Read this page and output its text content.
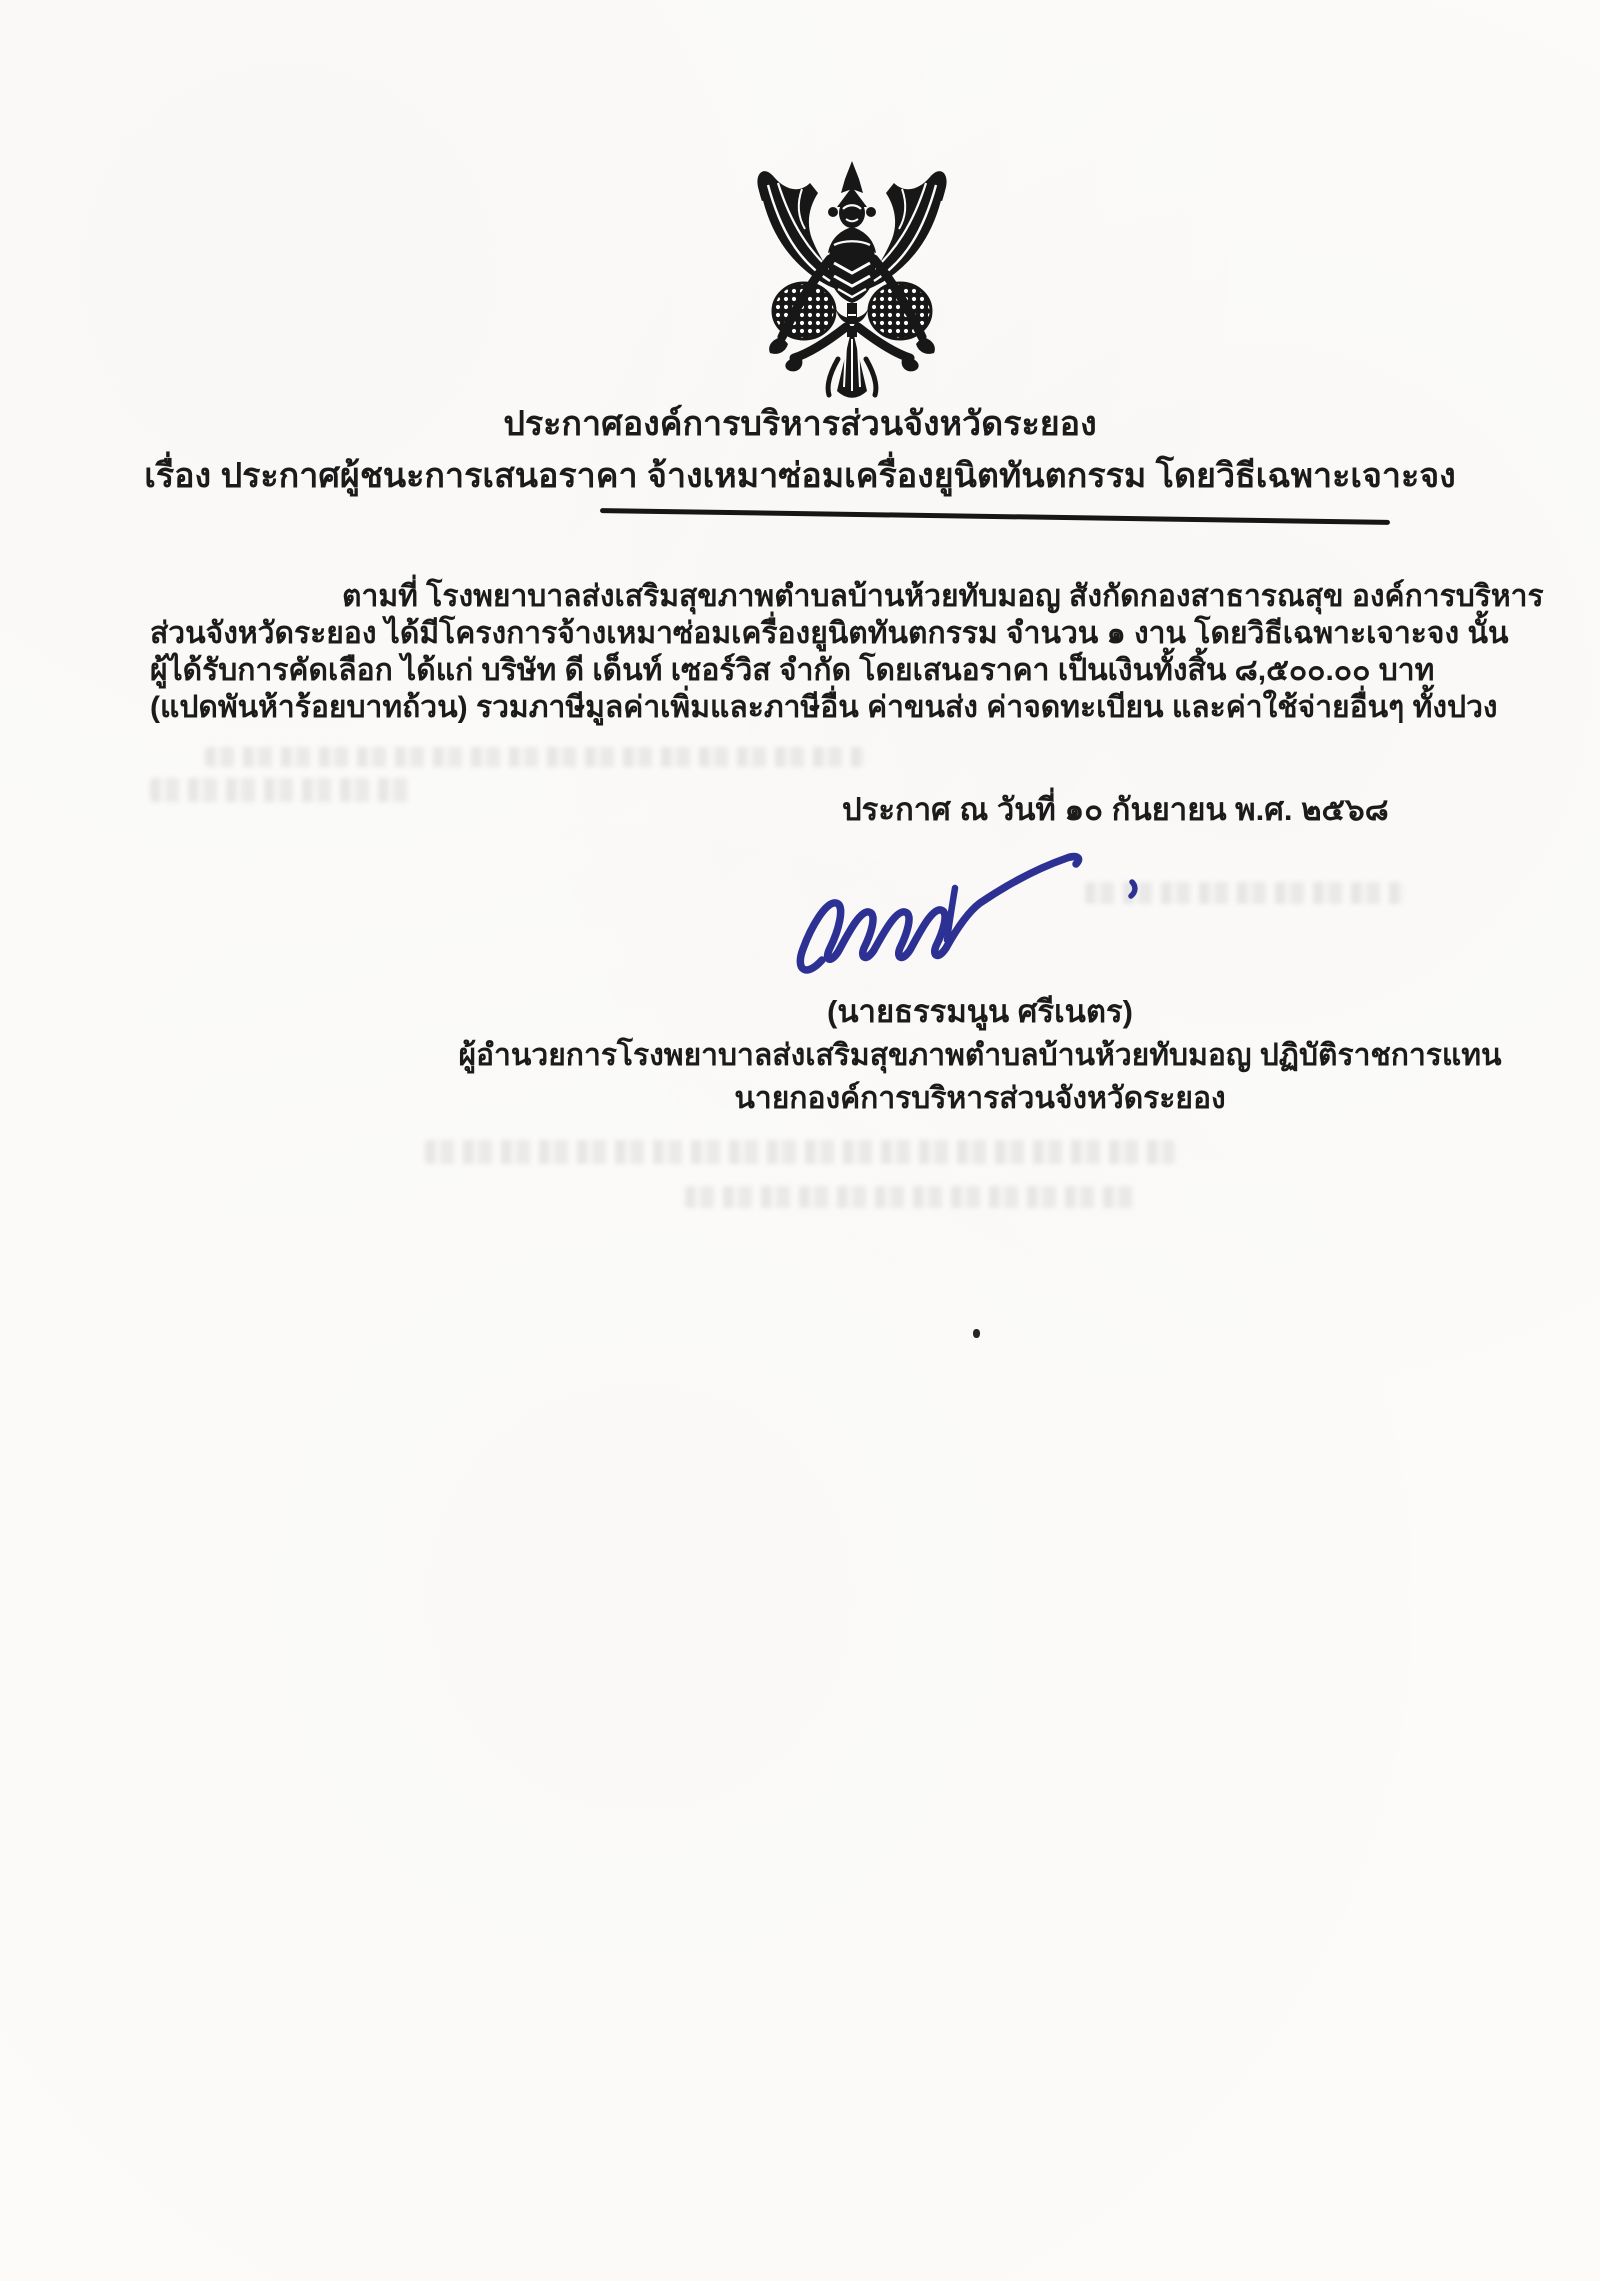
ประกาศองค์การบริหารส่วนจังหวัดระยอง
เรื่อง ประกาศผู้ชนะการเสนอราคา จ้างเหมาซ่อมเครื่องยูนิตทันตกรรม โดยวิธีเฉพาะเจาะจง
ตามที่ โรงพยาบาลส่งเสริมสุขภาพตำบลบ้านห้วยทับมอญ สังกัดกองสาธารณสุข องค์การบริหาร
ส่วนจังหวัดระยอง ได้มีโครงการจ้างเหมาซ่อมเครื่องยูนิตทันตกรรม จำนวน ๑ งาน โดยวิธีเฉพาะเจาะจง นั้น
ผู้ได้รับการคัดเลือก ได้แก่ บริษัท ดี เด็นท์ เซอร์วิส จำกัด โดยเสนอราคา เป็นเงินทั้งสิ้น ๘,๕๐๐.๐๐ บาท
(แปดพันห้าร้อยบาทถ้วน) รวมภาษีมูลค่าเพิ่มและภาษีอื่น ค่าขนส่ง ค่าจดทะเบียน และค่าใช้จ่ายอื่นๆ ทั้งปวง
ประกาศ ณ วันที่ ๑๐ กันยายน พ.ศ. ๒๕๖๘
(นายธรรมนูน ศรีเนตร)
ผู้อำนวยการโรงพยาบาลส่งเสริมสุขภาพตำบลบ้านห้วยทับมอญ ปฏิบัติราชการแทน
นายกองค์การบริหารส่วนจังหวัดระยอง
